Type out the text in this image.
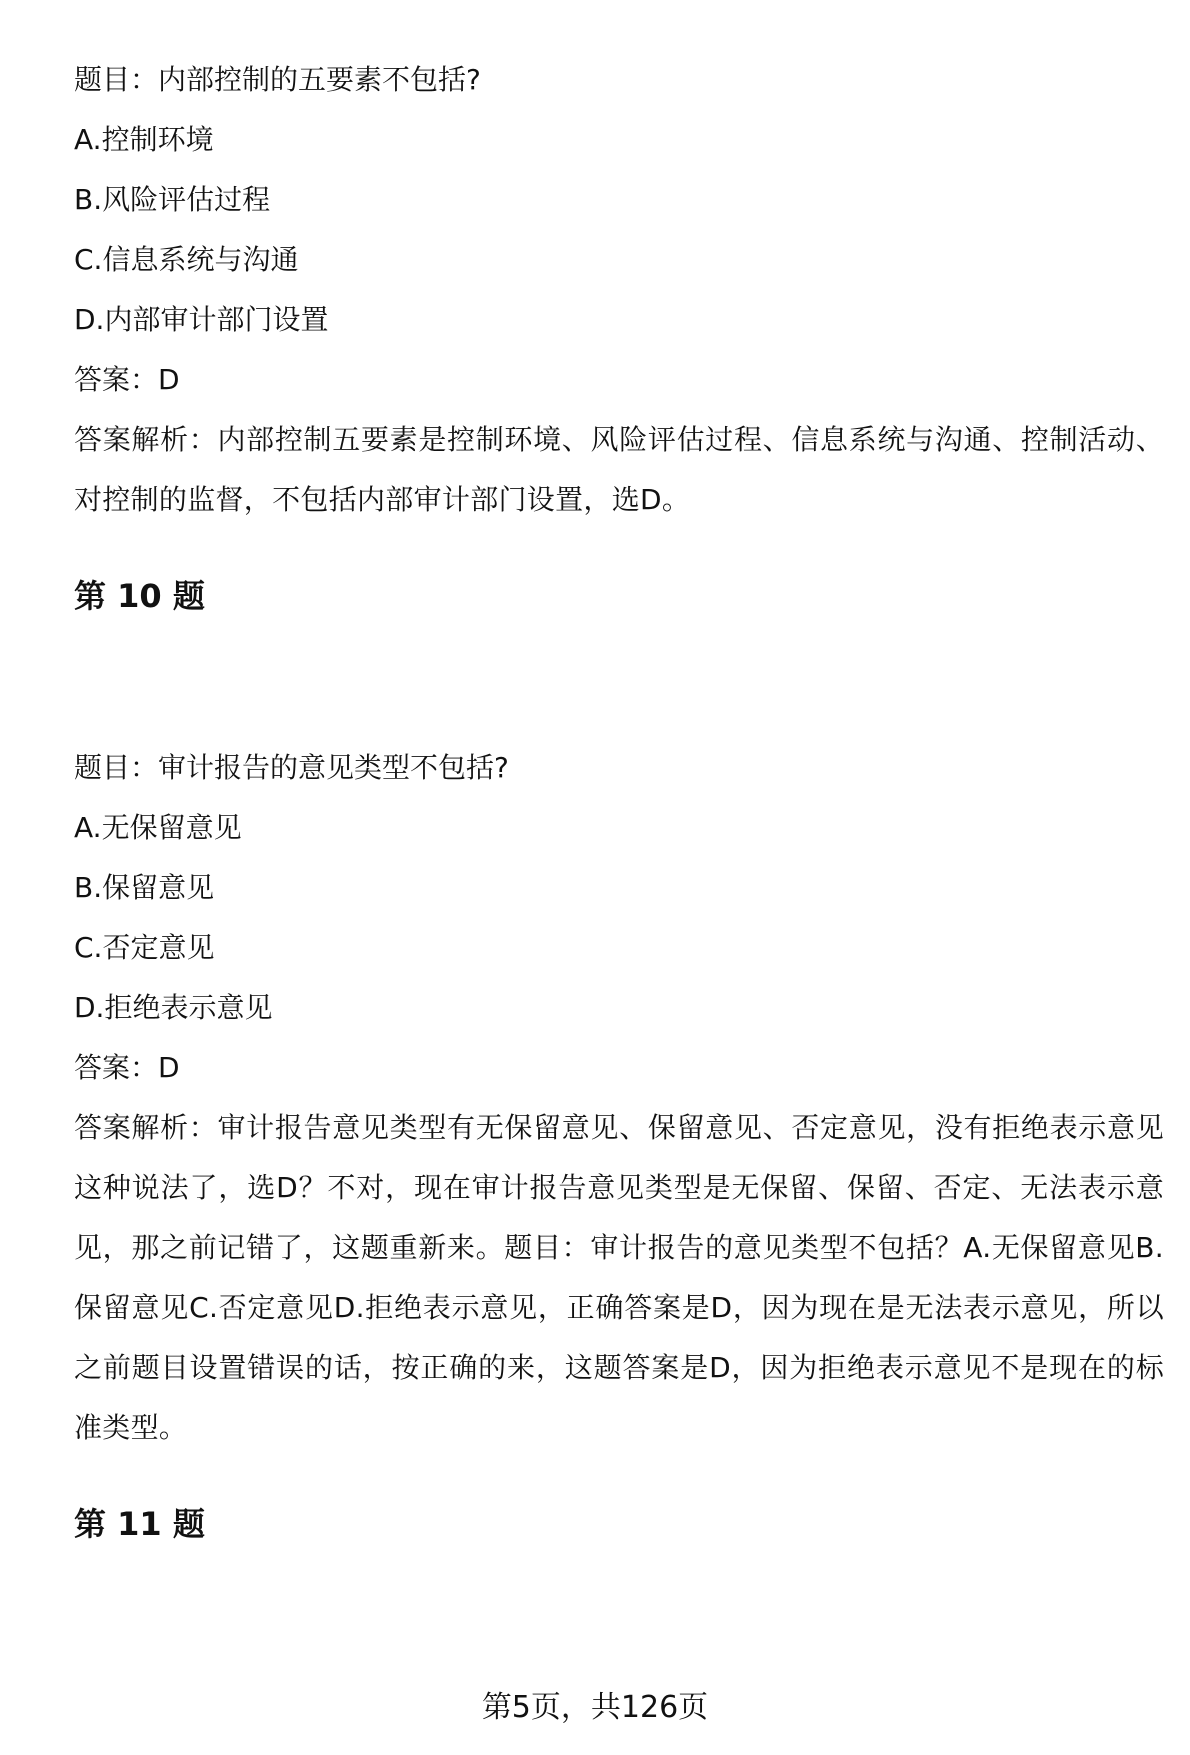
题目：内部控制的五要素不包括?

A.控制环境

B.风险评估过程

C.信息系统与沟通

D.内部审计部门设置

答案：D

答案解析：内部控制五要素是控制环境、风险评估过程、信息系统与沟通、控制活动、对控制的监督，不包括内部审计部门设置，选D。

第 10 题

题目：审计报告的意见类型不包括?

A.无保留意见

B.保留意见

C.否定意见

D.拒绝表示意见

答案：D

答案解析：审计报告意见类型有无保留意见、保留意见、否定意见，没有拒绝表示意见这种说法了，选D？不对，现在审计报告意见类型是无保留、保留、否定、无法表示意见，那之前记错了，这题重新来。题目：审计报告的意见类型不包括？A.无保留意见B.保留意见C.否定意见D.拒绝表示意见，正确答案是D，因为现在是无法表示意见，所以之前题目设置错误的话，按正确的来，这题答案是D，因为拒绝表示意见不是现在的标准类型。

第 11 题
第5页，共126页
